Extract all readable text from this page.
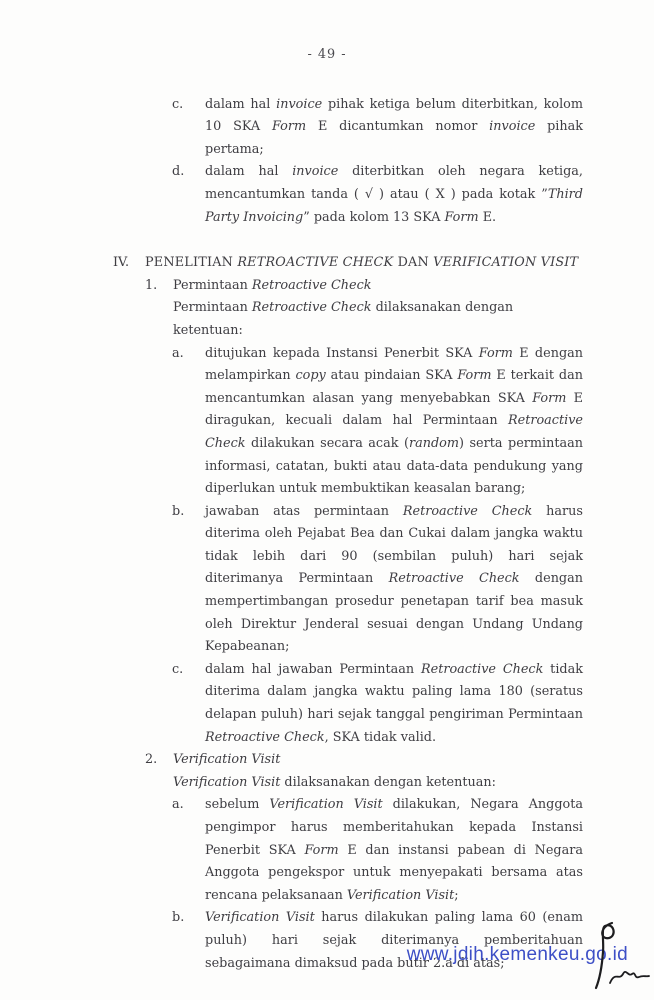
- 49 -
c.	dalam hal invoice pihak ketiga belum diterbitkan, kolom 10 SKA Form E dicantumkan nomor invoice pihak pertama;
d.	dalam hal invoice diterbitkan oleh negara ketiga, mencantumkan tanda ( √ ) atau ( X ) pada kotak ”Third Party Invoicing” pada kolom 13 SKA Form E.
IV.	PENELITIAN RETROACTIVE CHECK DAN VERIFICATION VISIT
1.	Permintaan Retroactive Check
Permintaan Retroactive Check dilaksanakan dengan ketentuan:
a.	ditujukan kepada Instansi Penerbit SKA Form E dengan melampirkan copy atau pindaian SKA Form E terkait dan mencantumkan alasan yang menyebabkan SKA Form E diragukan, kecuali dalam hal Permintaan Retroactive Check dilakukan secara acak (random) serta permintaan informasi, catatan, bukti atau data-data pendukung yang diperlukan untuk membuktikan keasalan barang;
b.	jawaban atas permintaan Retroactive Check harus diterima oleh Pejabat Bea dan Cukai dalam jangka waktu tidak lebih dari 90 (sembilan puluh) hari sejak diterimanya Permintaan Retroactive Check dengan mempertimbangan prosedur penetapan tarif bea masuk oleh Direktur Jenderal sesuai dengan Undang Undang Kepabeanan;
c.	dalam hal jawaban Permintaan Retroactive Check tidak diterima dalam jangka waktu paling lama 180 (seratus delapan puluh) hari sejak tanggal pengiriman Permintaan Retroactive Check, SKA tidak valid.
2.	Verification Visit
Verification Visit dilaksanakan dengan ketentuan:
a.	sebelum Verification Visit dilakukan, Negara Anggota pengimpor harus memberitahukan kepada Instansi Penerbit SKA Form E dan instansi pabean di Negara Anggota pengekspor untuk menyepakati bersama atas rencana pelaksanaan Verification Visit;
b.	Verification Visit harus dilakukan paling lama 60 (enam puluh) hari sejak diterimanya pemberitahuan sebagaimana dimaksud pada butir 2.a di atas;
www.jdih.kemenkeu.go.id
